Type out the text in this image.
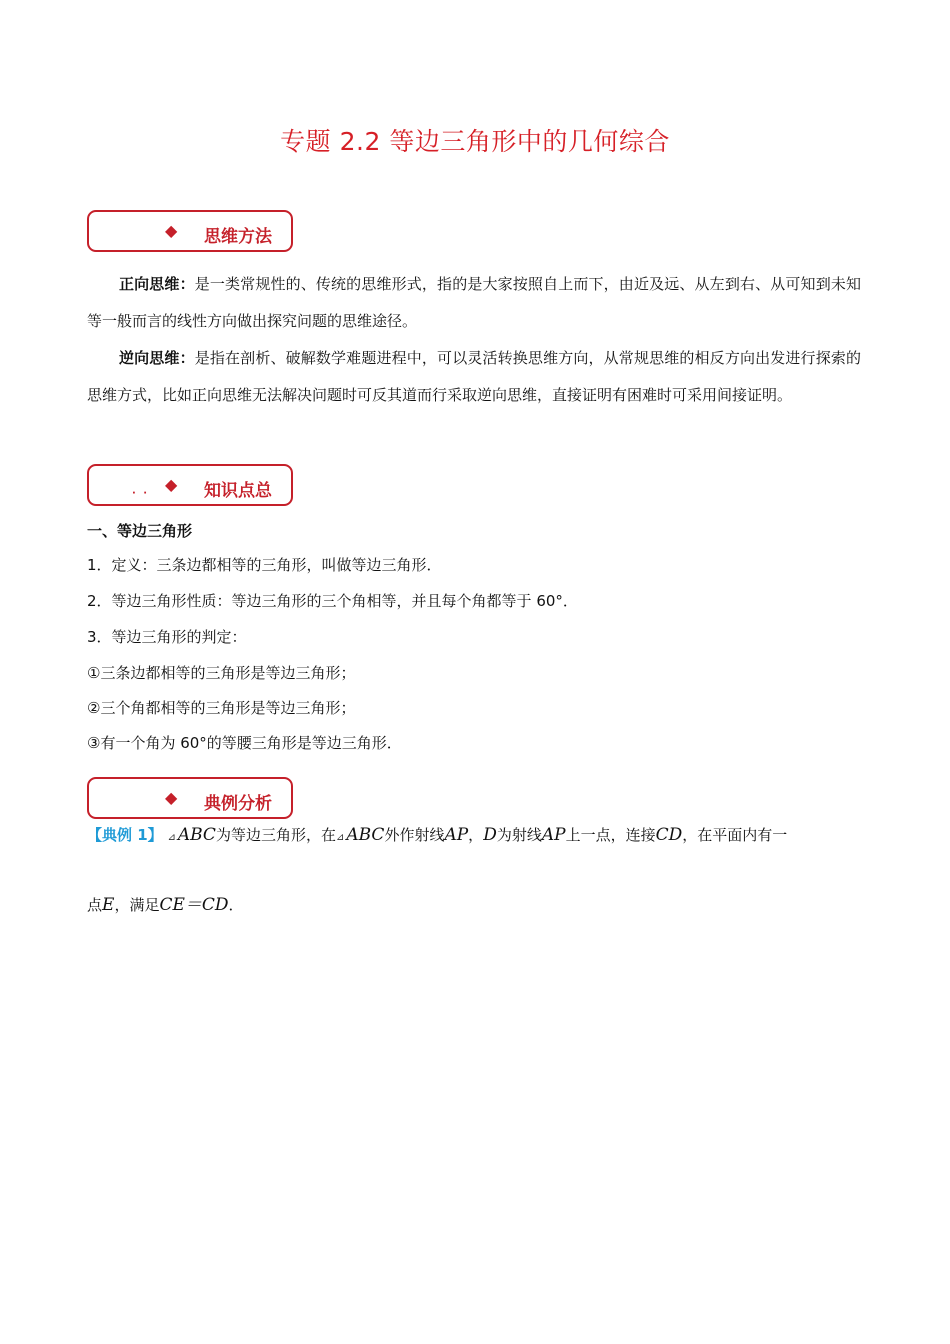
专题 2.2 等边三角形中的几何综合
◆ 思维方法
正向思维：是一类常规性的、传统的思维形式，指的是大家按照自上而下，由近及远、从左到右、从可知到未知等一般而言的线性方向做出探究问题的思维途径。
逆向思维：是指在剖析、破解数学难题进程中，可以灵活转换思维方向，从常规思维的相反方向出发进行探索的思维方式，比如正向思维无法解决问题时可反其道而行采取逆向思维，直接证明有困难时可采用间接证明。
· · ◆ 知识点总
一、等边三角形
1．定义：三条边都相等的三角形，叫做等边三角形．
2．等边三角形性质：等边三角形的三个角相等，并且每个角都等于 60°．
3．等边三角形的判定：
①三条边都相等的三角形是等边三角形；
②三个角都相等的三角形是等边三角形；
③有一个角为 60°的等腰三角形是等边三角形．
◆ 典例分析
【典例 1】 ⊿ ABC为等边三角形，在⊿ ABC外作射线AP，D为射线AP上一点，连接CD，在平面内有一
点E，满足CE＝CD．
